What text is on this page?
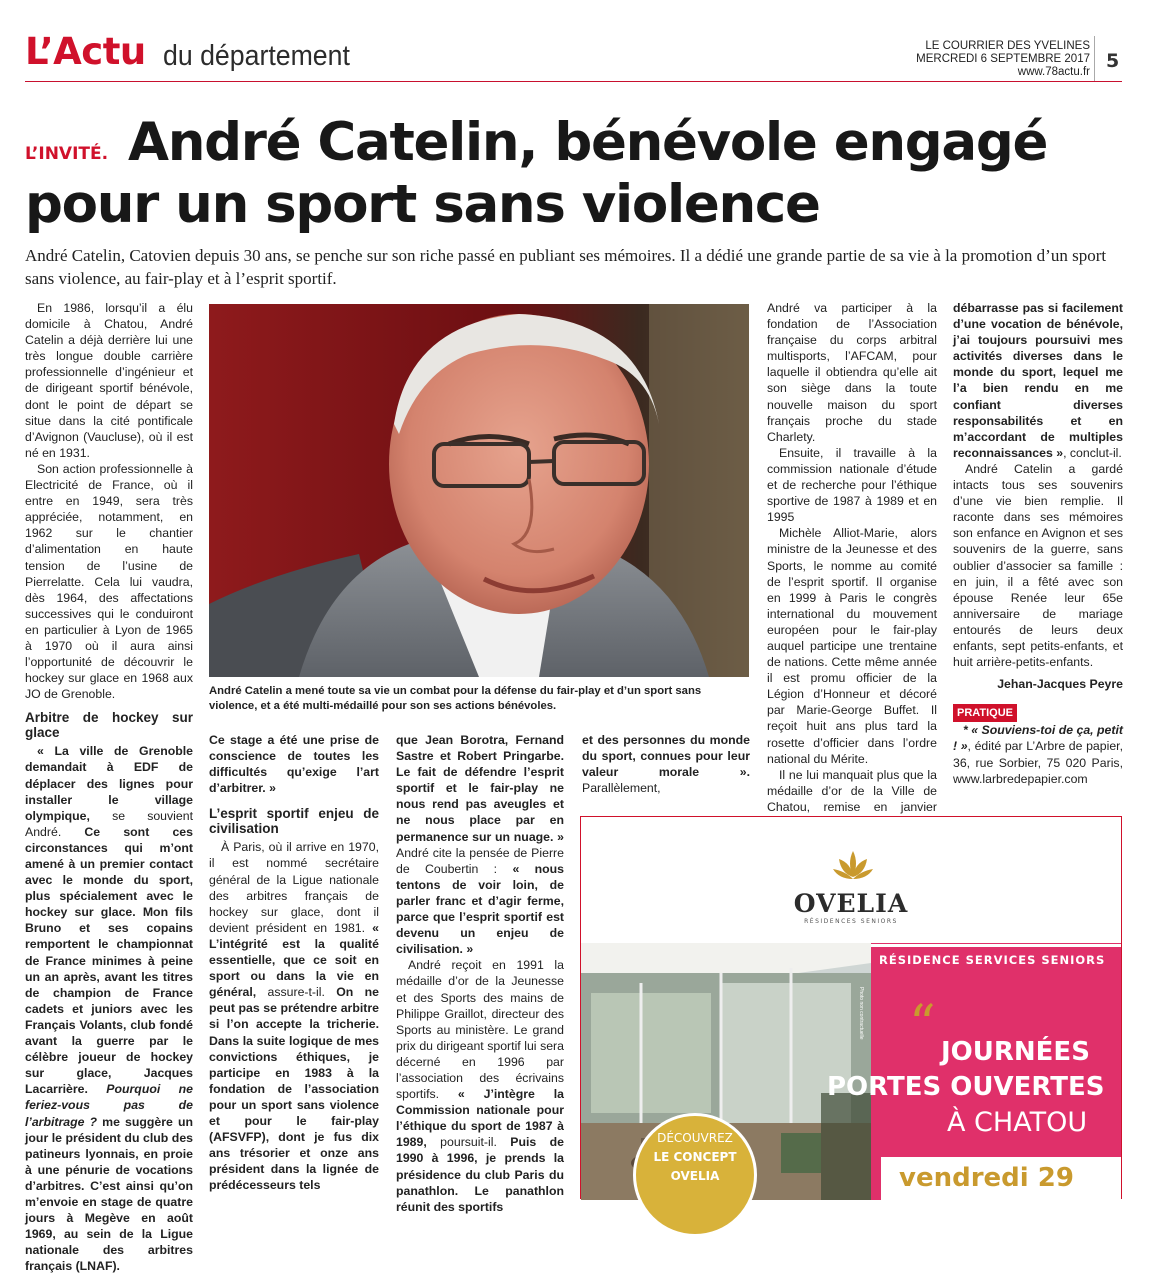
L’Actu du département	LE COURRIER DES YVELINES
MERCREDI 6 SEPTEMBRE 2017
www.78actu.fr 5
L’INVITÉ. André Catelin, bénévole engagé pour un sport sans violence

André Catelin, Catovien depuis 30 ans, se penche sur son riche passé en publiant ses mémoires. Il a dédié une grande partie de sa vie à la promotion d’un sport sans violence, au fair-play et à l’esprit sportif.

En 1986, lorsqu’il a élu domicile à Chatou, André Catelin a déjà derrière lui une très longue double carrière professionnelle d’ingénieur et de dirigeant sportif bénévole, dont le point de départ se situe dans la cité pontificale d’Avignon (Vaucluse), où il est né en 1931.

Son action professionnelle à Electricité de France, où il entre en 1949, sera très appréciée, notamment, en 1962 sur le chantier d’alimentation en haute tension de l’usine de Pierrelatte. Cela lui vaudra, dès 1964, des affectations successives qui le conduiront en particulier à Lyon de 1965 à 1970 où il aura ainsi l’opportunité de découvrir le hockey sur glace en 1968 aux JO de Grenoble.

Arbitre de hockey sur glace

« La ville de Grenoble demandait à EDF de déplacer des lignes pour installer le village olympique, se souvient André. Ce sont ces circonstances qui m’ont amené à un premier contact avec le monde du sport, plus spécialement avec le hockey sur glace. Mon fils Bruno et ses copains remportent le championnat de France minimes à peine un an après, avant les titres de champion de France cadets et juniors avec les Français Volants, club fondé avant la guerre par le célèbre joueur de hockey sur glace, Jacques Lacarrière. Pourquoi ne feriez-vous pas de l’arbitrage ? me suggère un jour le président du club des patineurs lyonnais, en proie à une pénurie de vocations d’arbitres. C’est ainsi qu’on m’envoie en stage de quatre jours à Megève en août 1969, au sein de la Ligue nationale des arbitres français (LNAF).

André Catelin a mené toute sa vie un combat pour la défense du fair-play et d’un sport sans violence, et a été multi-médaillé pour son ses actions bénévoles.

Ce stage a été une prise de conscience de toutes les difficultés qu’exige l’art d’arbitrer. »

L’esprit sportif enjeu de civilisation

À Paris, où il arrive en 1970, il est nommé secrétaire général de la Ligue nationale des arbitres français de hockey sur glace, dont il devient président en 1981. « L’intégrité est la qualité essentielle, que ce soit en sport ou dans la vie en général, assure-t-il. On ne peut pas se prétendre arbitre si l’on accepte la tricherie. Dans la suite logique de mes convictions éthiques, je participe en 1983 à la fondation de l’association pour un sport sans violence et pour le fair-play (AFSVFP), dont je fus dix ans trésorier et onze ans président dans la lignée de prédécesseurs tels

que Jean Borotra, Fernand Sastre et Robert Pringarbe. Le fait de défendre l’esprit sportif et le fair-play ne nous rend pas aveugles et ne nous place par en permanence sur un nuage. » André cite la pensée de Pierre de Coubertin : « nous tentons de voir loin, de parler franc et d’agir ferme, parce que l’esprit sportif est devenu un enjeu de civilisation. »

André reçoit en 1991 la médaille d’or de la Jeunesse et des Sports des mains de Philippe Graillot, directeur des Sports au ministère. Le grand prix du dirigeant sportif lui sera décerné en 1996 par l’association des écrivains sportifs. « J’intègre la Commission nationale pour l’éthique du sport de 1987 à 1989, poursuit-il. Puis de 1990 à 1996, je prends la présidence du club Paris du panathlon. Le panathlon réunit des sportifs

et des personnes du monde du sport, connues pour leur valeur morale ». Parallèlement,

André va participer à la fondation de l’Association française du corps arbitral multisports, l’AFCAM, pour laquelle il obtiendra qu’elle ait son siège dans la toute nouvelle maison du sport français proche du stade Charlety.

Ensuite, il travaille à la commission nationale d’étude et de recherche pour l’éthique sportive de 1987 à 1989 et en 1995

Michèle Alliot-Marie, alors ministre de la Jeunesse et des Sports, le nomme au comité de l’esprit sportif. Il organise en 1999 à Paris le congrès international du mouvement européen pour le fair-play auquel participe une trentaine de nations. Cette même année il est promu officier de la Légion d’Honneur et décoré par Marie-George Buffet. Il reçoit huit ans plus tard la rosette d’officier dans l’ordre national du Mérite.

Il ne lui manquait plus que la médaille d’or de la Ville de Chatou, remise en janvier

débarrasse pas si facilement d’une vocation de bénévole, j’ai toujours poursuivi mes activités diverses dans le monde du sport, lequel me l’a bien rendu en me confiant diverses responsabilités et en m’accordant de multiples reconnaissances », conclut-il.

André Catelin a gardé intacts tous ses souvenirs d’une vie bien remplie. Il raconte dans ses mémoires son enfance en Avignon et ses souvenirs de la guerre, sans oublier d’associer sa famille : en juin, il a fêté avec son épouse Renée leur 65e anniversaire de mariage entourés de leurs deux enfants, sept petits-enfants, et huit arrière-petits-enfants.

Jehan-Jacques Peyre

PRATIQUE

* « Souviens-toi de ça, petit ! », édité par L’Arbre de papier, 36, rue Sorbier, 75 020 Paris, www.larbredepapier.com

OVELIA
RÉSIDENCES SENIORS
RÉSIDENCE SERVICES SENIORS
DÉCOUVREZ
LE CONCEPT
OVELIA
Photo non contractuelle “ JOURNÉES
PORTES OUVERTES
À CHATOU
vendredi 29
